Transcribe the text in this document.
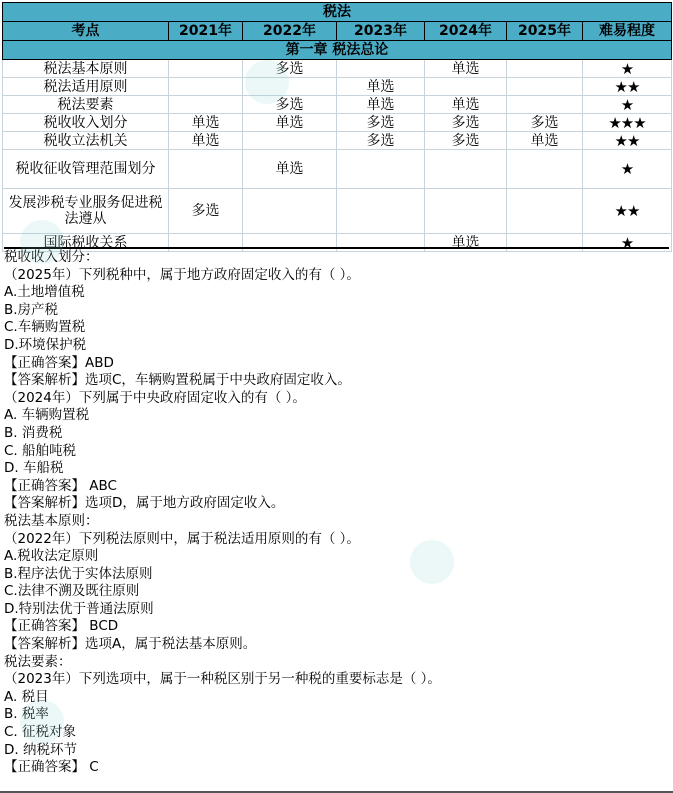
税法						
考点	2021年	2022年	2023年	2024年	2025年	难易程度
第一章 税法总论						
税法基本原则		多选		单选		★
税法适用原则			单选			★★
税法要素		多选	单选	单选		★
税收收入划分	单选	单选	多选	多选	多选	★★★
税收立法机关	单选		多选	多选	单选	★★
税收征收管理范围划分		单选				★
发展涉税专业服务促进税法遵从	多选					★★
国际税收关系				单选		★
税收收入划分：
（2025年）下列税种中，属于地方政府固定收入的有（ ）。
A.土地增值税
B.房产税
C.车辆购置税
D.环境保护税
【正确答案】ABD
【答案解析】选项C，车辆购置税属于中央政府固定收入。
（2024年）下列属于中央政府固定收入的有（ ）。
A. 车辆购置税
B. 消费税
C. 船舶吨税
D. 车船税
【正确答案】 ABC
【答案解析】选项D，属于地方政府固定收入。
税法基本原则：
（2022年）下列税法原则中，属于税法适用原则的有（ ）。
A.税收法定原则
B.程序法优于实体法原则
C.法律不溯及既往原则
D.特别法优于普通法原则
【正确答案】 BCD
【答案解析】选项A，属于税法基本原则。
税法要素：
（2023年）下列选项中，属于一种税区别于另一种税的重要标志是（ ）。
A. 税目
B. 税率
C. 征税对象
D. 纳税环节
【正确答案】 C
